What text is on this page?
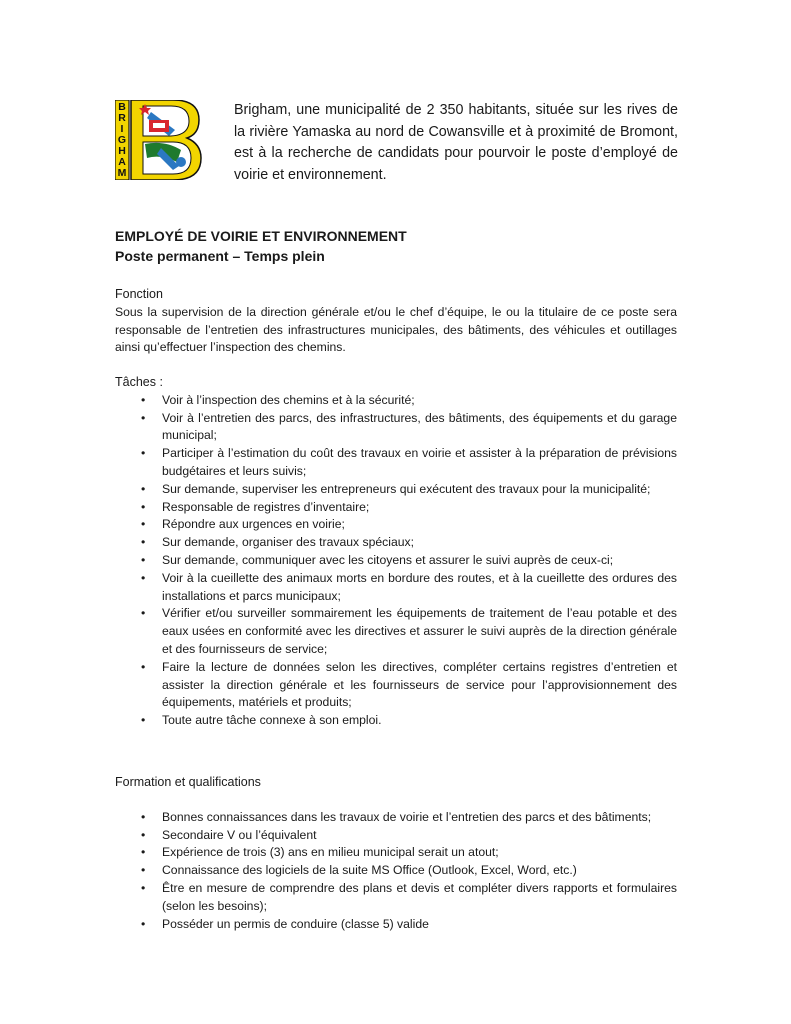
B
R
I
G
H
A
M
Brigham, une municipalité de 2 350 habitants, située sur les rives de la rivière Yamaska au nord de Cowansville et à proximité de Bromont, est à la recherche de candidats pour pourvoir le poste d’employé de voirie et environnement.
EMPLOYÉ DE VOIRIE ET ENVIRONNEMENT
Poste permanent – Temps plein
Fonction

Sous la supervision de la direction générale et/ou le chef d’équipe, le ou la titulaire de ce poste sera responsable de l’entretien des infrastructures municipales, des bâtiments, des véhicules et outillages ainsi qu’effectuer l’inspection des chemins.

Tâches :
• Voir à l’inspection des chemins et à la sécurité;
• Voir à l’entretien des parcs, des infrastructures, des bâtiments, des équipements et du garage municipal;
• Participer à l’estimation du coût des travaux en voirie et assister à la préparation de prévisions budgétaires et leurs suivis;
• Sur demande, superviser les entrepreneurs qui exécutent des travaux pour la municipalité;
• Responsable de registres d’inventaire;
• Répondre aux urgences en voirie;
• Sur demande, organiser des travaux spéciaux;
• Sur demande, communiquer avec les citoyens et assurer le suivi auprès de ceux-ci;
• Voir à la cueillette des animaux morts en bordure des routes, et à la cueillette des ordures des installations et parcs municipaux;
• Vérifier et/ou surveiller sommairement les équipements de traitement de l’eau potable et des eaux usées en conformité avec les directives et assurer le suivi auprès de la direction générale et des fournisseurs de service;
• Faire la lecture de données selon les directives, compléter certains registres d’entretien et assister la direction générale et les fournisseurs de service pour l’approvisionnement des équipements, matériels et produits;
• Toute autre tâche connexe à son emploi.
Formation et qualifications
• Bonnes connaissances dans les travaux de voirie et l’entretien des parcs et des bâtiments;
• Secondaire V ou l’équivalent
• Expérience de trois (3) ans en milieu municipal serait un atout;
• Connaissance des logiciels de la suite MS Office (Outlook, Excel, Word, etc.)
• Être en mesure de comprendre des plans et devis et compléter divers rapports et formulaires (selon les besoins);
• Posséder un permis de conduire (classe 5) valide
